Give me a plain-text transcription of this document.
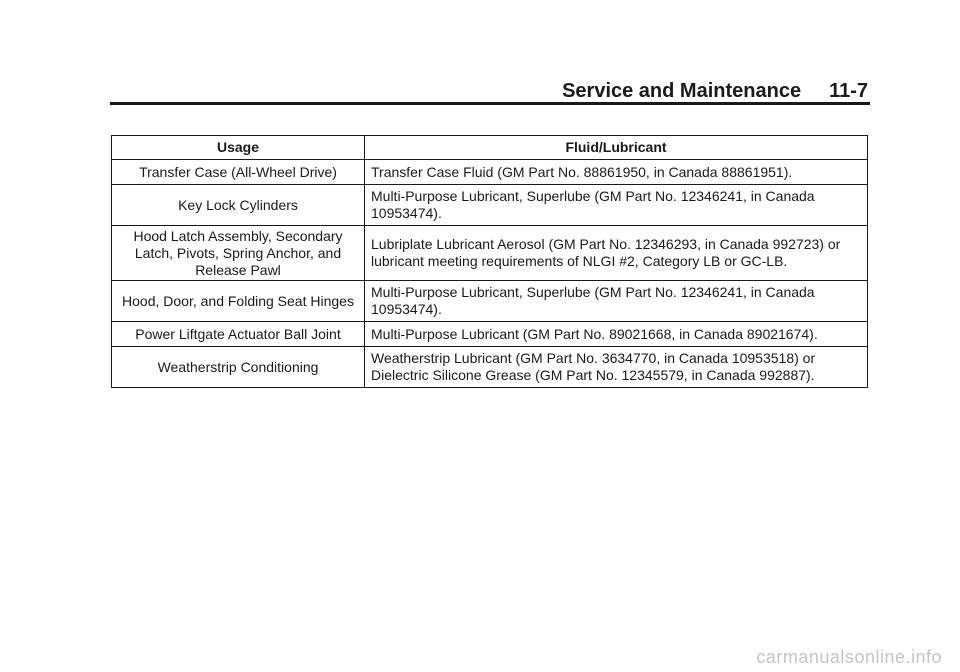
Service and Maintenance 11-7
Usage	Fluid/Lubricant
Transfer Case (All-Wheel Drive)	Transfer Case Fluid (GM Part No. 88861950, in Canada 88861951).
Key Lock Cylinders	Multi-Purpose Lubricant, Superlube (GM Part No. 12346241, in Canada 10953474).
Hood Latch Assembly, Secondary Latch, Pivots, Spring Anchor, and Release Pawl	Lubriplate Lubricant Aerosol (GM Part No. 12346293, in Canada 992723) or lubricant meeting requirements of NLGI #2, Category LB or GC-LB.
Hood, Door, and Folding Seat Hinges	Multi-Purpose Lubricant, Superlube (GM Part No. 12346241, in Canada 10953474).
Power Liftgate Actuator Ball Joint	Multi-Purpose Lubricant (GM Part No. 89021668, in Canada 89021674).
Weatherstrip Conditioning	Weatherstrip Lubricant (GM Part No. 3634770, in Canada 10953518) or Dielectric Silicone Grease (GM Part No. 12345579, in Canada 992887).
carmanualsonline.info
